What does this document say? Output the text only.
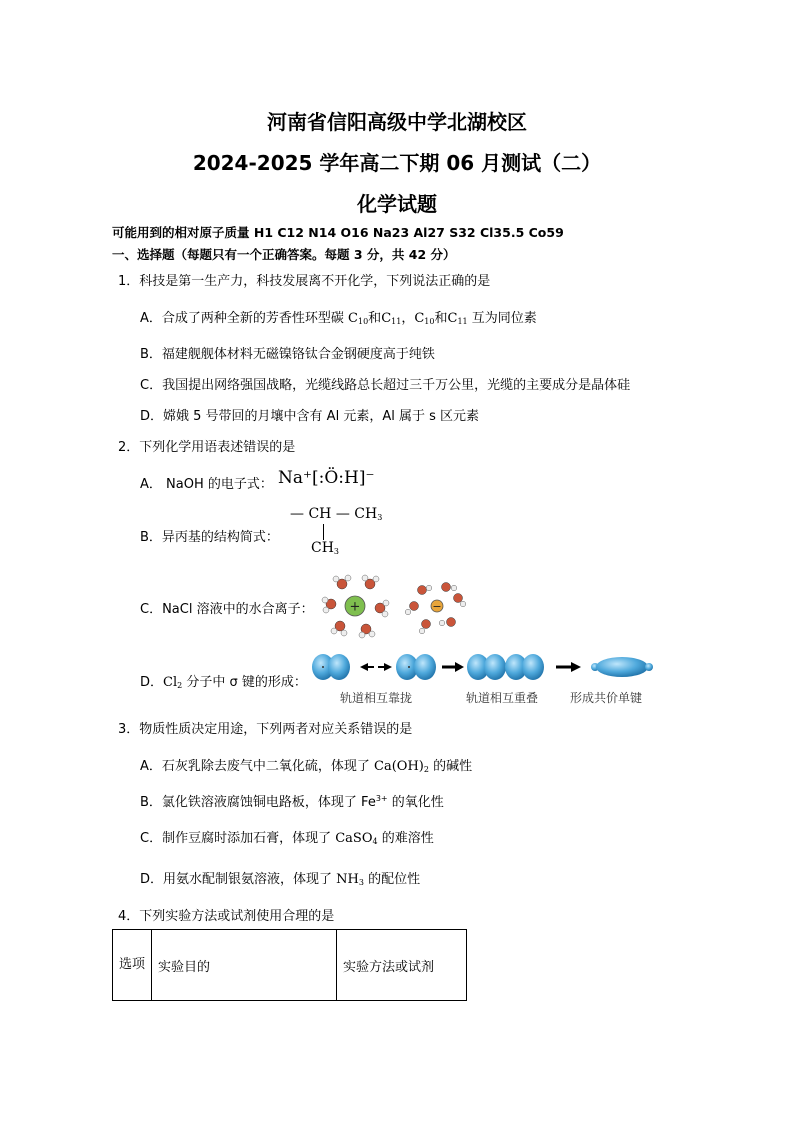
河南省信阳高级中学北湖校区
2024-2025 学年高二下期 06 月测试（二）
化学试题
可能用到的相对原子质量 H1 C12 N14 O16 Na23 Al27 S32 Cl35.5 Co59
一、选择题（每题只有一个正确答案。每题 3 分，共 42 分）
1．科技是第一生产力，科技发展离不开化学，下列说法正确的是
A．合成了两种全新的芳香性环型碳 $C_{10}$和$C_{11}$，$C_{10}$和$C_{11}$ 互为同位素
B．福建舰舰体材料无磁镍铬钛合金钢硬度高于纯铁
C．我国提出网络强国战略，光缆线路总长超过三千万公里，光缆的主要成分是晶体硅
D．嫦娥 5 号带回的月壤中含有 Al 元素，Al 属于 s 区元素
2．下列化学用语表述错误的是
A． NaOH 的电子式： Na⁺[:Ö:H]⁻
B．异丙基的结构简式：
— CH — $CH_3$
$CH_3$
C．NaCl 溶液中的水合离子：	+	−
D．$Cl_2$ 分子中 σ 键的形成：
轨道相互靠拢	轨道相互重叠	形成共价单键
3．物质性质决定用途，下列两者对应关系错误的是
A．石灰乳除去废气中二氧化硫，体现了 $Ca(OH)_2$ 的碱性
B．氯化铁溶液腐蚀铜电路板，体现了 $Fe^{3+}$ 的氧化性
C．制作豆腐时添加石膏，体现了 CaSO$_4$ 的难溶性
D．用氨水配制银氨溶液，体现了 $NH_3$ 的配位性
4．下列实验方法或试剂使用合理的是
选项	实验目的	实验方法或试剂
